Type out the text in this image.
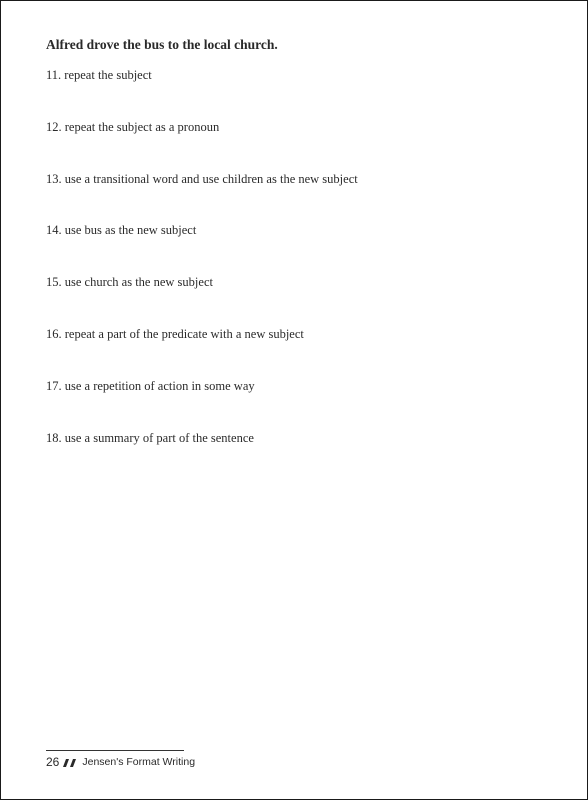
Alfred drove the bus to the local church.
11. repeat the subject
12. repeat the subject as a pronoun
13. use a transitional word and use children as the new subject
14. use bus as the new subject
15. use church as the new subject
16. repeat a part of the predicate with a new subject
17. use a repetition of action in some way
18. use a summary of part of the sentence
26 Jensen's Format Writing
